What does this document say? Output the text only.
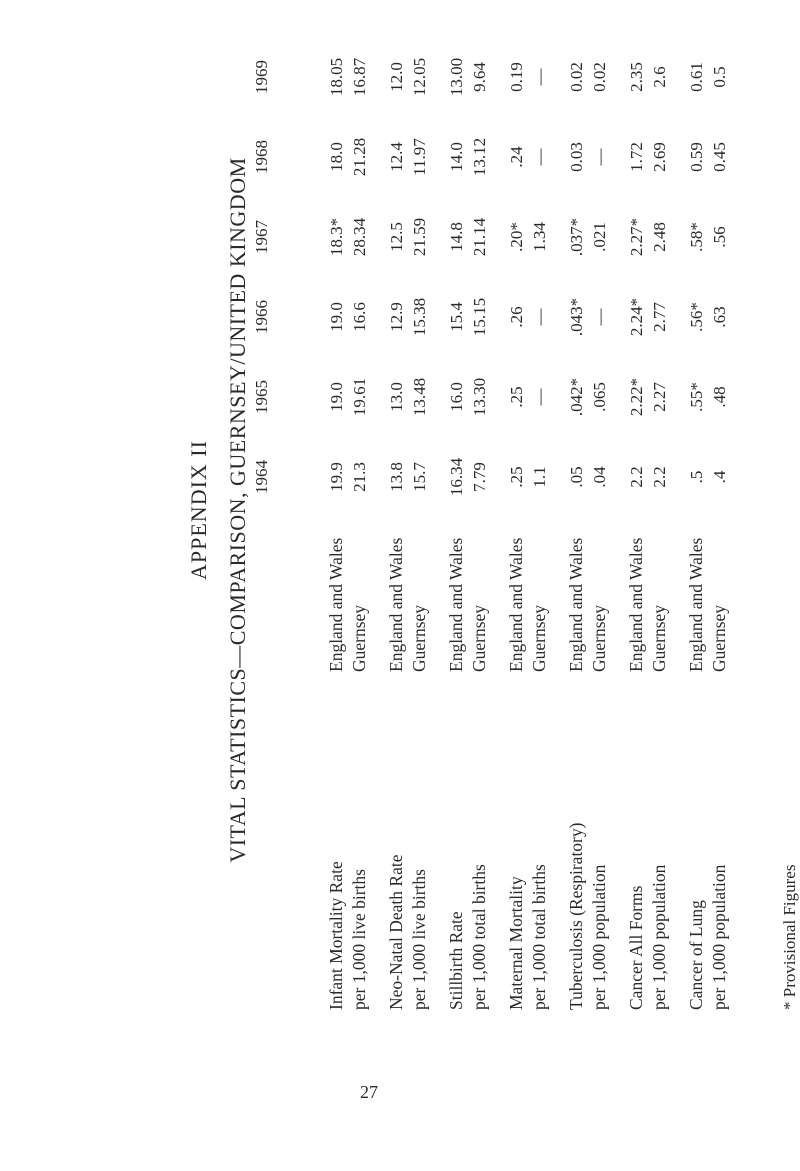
APPENDIX II VITAL STATISTICS—COMPARISON, GUERNSEY/UNITED KINGDOM 1964
1965
1966
1967
1968
1969
Infant Mortality Rate per 1,000 live births
England and Wales Guernsey
19.9
19.0
19.0
18.3*
18.0
18.05
21.3
19.61
16.6
28.34
21.28
16.87
Neo-Natal Death Rate per 1,000 live births
England and Wales Guernsey
13.8
13.0
12.9
12.5
12.4
12.0
15.7
13.48
15.38
21.59
11.97
12.05
Stillbirth Rate per 1,000 total births
England and Wales Guernsey
16.34
16.0
15.4
14.8
14.0
13.00
7.79
13.30
15.15
21.14
13.12
9.64
Maternal Mortality per 1,000 total births
England and Wales Guernsey
.25
.25
.26
.20*
.24
0.19
1.1
—
—
1.34
—
—
Tuberculosis (Respiratory) per 1,000 population
England and Wales Guernsey
.05
.042*
.043*
.037*
0.03
0.02
.04
.065
—
.021
—
0.02
Cancer All Forms per 1,000 population
England and Wales Guernsey
2.2
2.22*
2.24*
2.27*
1.72
2.35
2.2
2.27
2.77
2.48
2.69
2.6
Cancer of Lung per 1,000 population
England and Wales Guernsey
.5
.55*
.56*
.58*
0.59
0.61
.4
.48
.63
.56
0.45
0.5
* Provisional Figures
27
